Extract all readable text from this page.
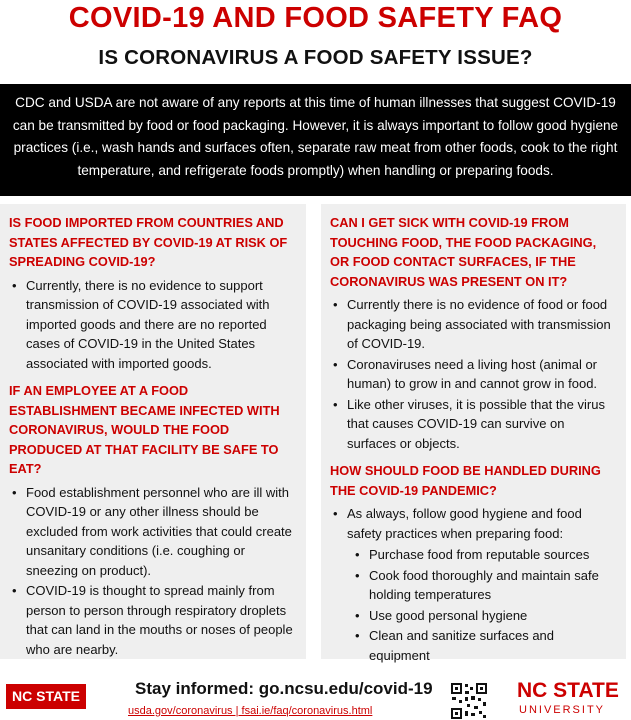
COVID-19 AND FOOD SAFETY FAQ
IS CORONAVIRUS A FOOD SAFETY ISSUE?
CDC and USDA are not aware of any reports at this time of human illnesses that suggest COVID-19 can be transmitted by food or food packaging. However, it is always important to follow good hygiene practices (i.e., wash hands and surfaces often, separate raw meat from other foods, cook to the right temperature, and refrigerate foods promptly) when handling or preparing foods.

IS FOOD IMPORTED FROM COUNTRIES AND STATES AFFECTED BY COVID-19 AT RISK OF SPREADING COVID-19?

• Currently, there is no evidence to support transmission of COVID-19 associated with imported goods and there are no reported cases of COVID-19 in the United States associated with imported goods.

IF AN EMPLOYEE AT A FOOD ESTABLISHMENT BECAME INFECTED WITH CORONAVIRUS, WOULD THE FOOD PRODUCED AT THAT FACILITY BE SAFE TO EAT?

• Food establishment personnel who are ill with COVID-19 or any other illness should be excluded from work activities that could create unsanitary conditions (i.e. coughing or sneezing on product).
• COVID-19 is thought to spread mainly from person to person through respiratory droplets that can land in the mouths or noses of people who are nearby.

CAN I GET SICK WITH COVID-19 FROM TOUCHING FOOD, THE FOOD PACKAGING, OR FOOD CONTACT SURFACES, IF THE CORONAVIRUS WAS PRESENT ON IT?

• Currently there is no evidence of food or food packaging being associated with transmission of COVID-19.
• Coronaviruses need a living host (animal or human) to grow in and cannot grow in food.
• Like other viruses, it is possible that the virus that causes COVID-19 can survive on surfaces or objects.

HOW SHOULD FOOD BE HANDLED DURING THE COVID-19 PANDEMIC?

• As always, follow good hygiene and food safety practices when preparing food:
• Purchase food from reputable sources
• Cook food thoroughly and maintain safe holding temperatures
• Use good personal hygiene
• Clean and sanitize surfaces and equipment
NC STATE	Stay informed: go.ncsu.edu/covid-19
usda.gov/coronavirus | fsai.ie/faq/coronavirus.html
NC STATE
UNIVERSITY
